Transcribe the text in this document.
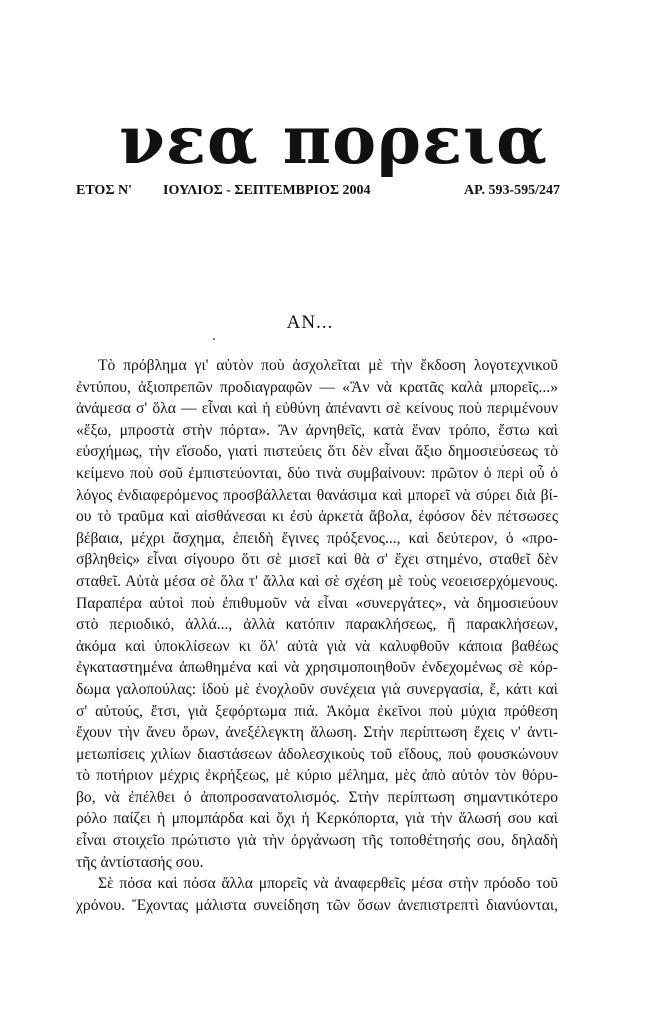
νεα πορεια
ΕΤΟΣ Ν' ΙΟΥΛΙΟΣ - ΣΕΠΤΕΜΒΡΙΟΣ 2004	ΑΡ. 593-595/247
ΑΝ...
Τὸ πρόβλημα γι' αὐτὸν ποὺ ἀσχολεῖται μὲ τὴν ἔκδοση λογοτεχνικοῦ
ἐντύπου, ἀξιοπρεπῶν προδιαγραφῶν — «Ἂν νὰ κρατᾶς καλὰ μπορεῖς...»
ἀνάμεσα σ' ὅλα — εἶναι καὶ ἡ εὐθύνη ἀπέναντι σὲ κείνους ποὺ περιμένουν
«ἔξω, μπροστὰ στὴν πόρτα». Ἂν ἀρνηθεῖς, κατὰ ἕναν τρόπο, ἔστω καὶ
εὐσχήμως, τὴν εἴσοδο, γιατὶ πιστεύεις ὅτι δὲν εἶναι ἄξιο δημοσιεύσεως τὸ
κείμενο ποὺ σοῦ ἐμπιστεύονται, δύο τινὰ συμβαίνουν: πρῶτον ὁ περὶ οὗ ὁ
λόγος ἐνδιαφερόμενος προσβάλλεται θανάσιμα καὶ μπορεῖ νὰ σύρει διὰ βί-
ου τὸ τραῦμα καὶ αἰσθάνεσαι κι ἐσὺ ἀρκετὰ ἄβολα, ἐφόσον δὲν πέτσωσες
βέβαια, μέχρι ἄσχημα, ἐπειδὴ ἔγινες πρόξενος..., καὶ δεύτερον, ὁ «προ-
σβληθεὶς» εἶναι σίγουρο ὅτι σὲ μισεῖ καὶ θὰ σ' ἔχει στημένο, σταθεῖ δὲν
σταθεῖ. Αὐτὰ μέσα σὲ ὅλα τ' ἄλλα καὶ σὲ σχέση μὲ τοὺς νεοεισερχόμενους.
Παραπέρα αὐτοὶ ποὺ ἐπιθυμοῦν νὰ εἶναι «συνεργάτες», νὰ δημοσιεύουν
στὸ περιοδικό, ἀλλά..., ἀλλὰ κατόπιν παρακλήσεως, ἢ παρακλήσεων,
ἀκόμα καὶ ὑποκλίσεων κι ὅλ' αὐτὰ γιὰ νὰ καλυφθοῦν κάποια βαθέως
ἐγκαταστημένα ἀπωθημένα καὶ νὰ χρησιμοποιηθοῦν ἐνδεχομένως σὲ κόρ-
δωμα γαλοπούλας: ἰδοὺ μὲ ἐνοχλοῦν συνέχεια γιὰ συνεργασία, ἔ, κάτι καὶ
σ' αὐτούς, ἔτσι, γιὰ ξεφόρτωμα πιά. Ἀκόμα ἐκεῖνοι ποὺ μύχια πρόθεση
ἔχουν τὴν ἄνευ ὅρων, ἀνεξέλεγκτη ἅλωση. Στὴν περίπτωση ἔχεις ν' ἀντι-
μετωπίσεις χιλίων διαστάσεων ἀδολεσχικοὺς τοῦ εἴδους, ποὺ φουσκώνουν
τὸ ποτήριον μέχρις ἐκρήξεως, μὲ κύριο μέλημα, μὲς ἀπὸ αὐτὸν τὸν θόρυ-
βο, νὰ ἐπέλθει ὁ ἀποπροσανατολισμός. Στὴν περίπτωση σημαντικότερο
ρόλο παίζει ἡ μπομπάρδα καὶ ὄχι ἡ Κερκόπορτα, γιὰ τὴν ἅλωσή σου καὶ
εἶναι στοιχεῖο πρώτιστο γιὰ τὴν ὀργάνωση τῆς τοποθέτησής σου, δηλαδὴ
τῆς ἀντίστασής σου.
Σὲ πόσα καὶ πόσα ἄλλα μπορεῖς νὰ ἀναφερθεῖς μέσα στὴν πρόοδο τοῦ
χρόνου. Ἔχοντας μάλιστα συνείδηση τῶν ὅσων ἀνεπιστρεπτὶ διανύονται,
